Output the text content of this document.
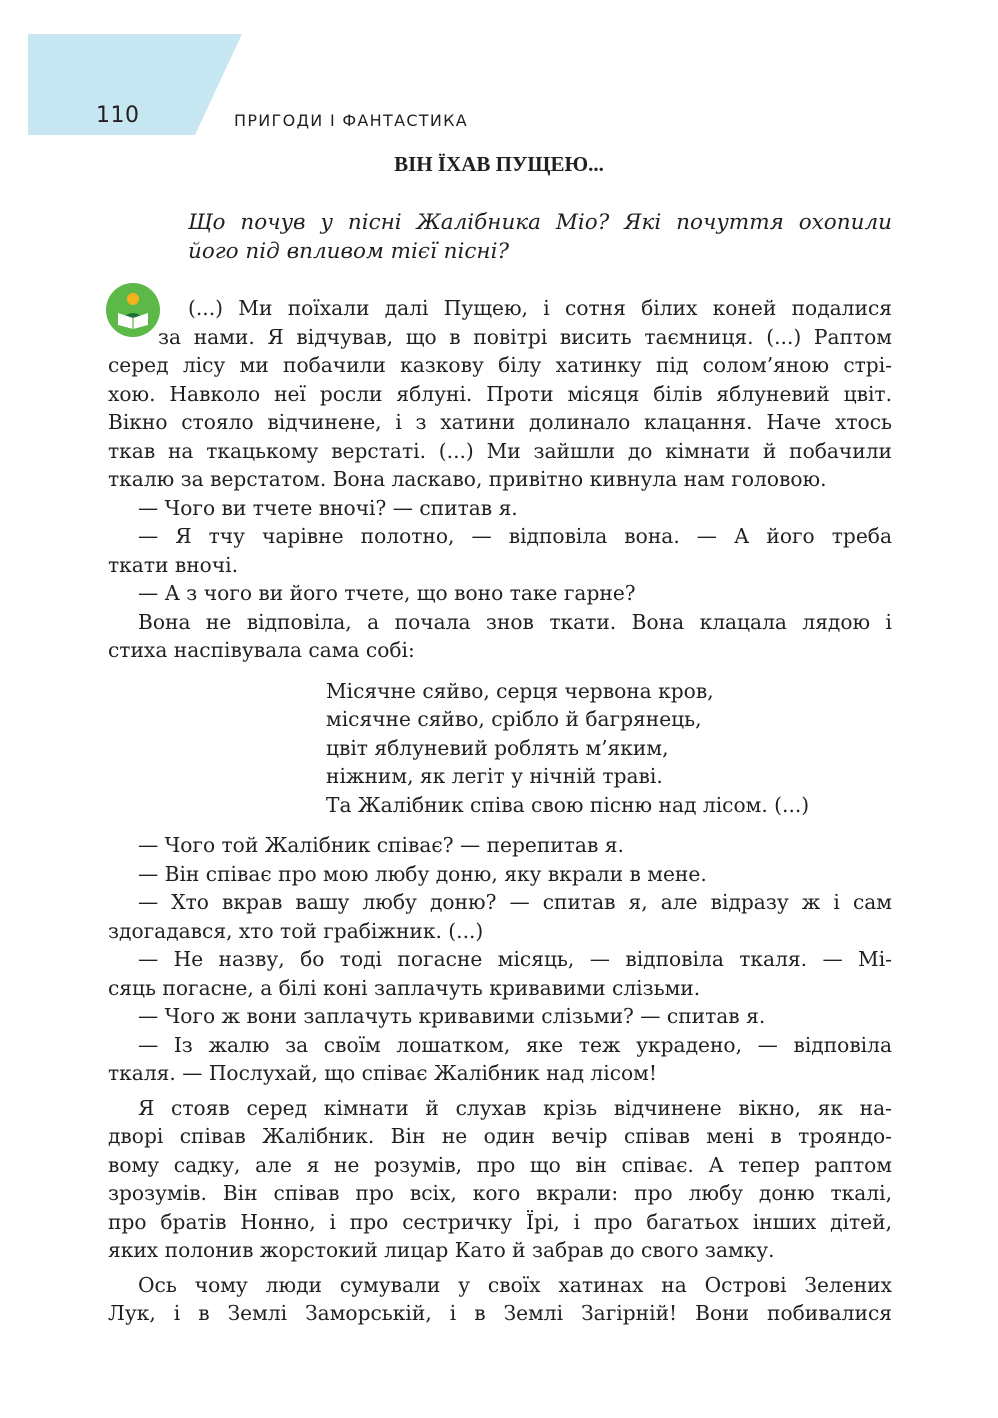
110	ПРИГОДИ І ФАНТАСТИКА
ВІН ЇХАВ ПУЩЕЮ...
Що почув у пісні Жалібника Міо? Які почуття охопили
його під впливом тієї пісні?
(...) Ми поїхали далі Пущею, і сотня білих коней подалися
за нами. Я відчував, що в повітрі висить таємниця. (...) Раптом
серед лісу ми побачили казкову білу хатинку під солом’яною стрі-
хою. Навколо неї росли яблуні. Проти місяця білів яблуневий цвіт.
Вікно стояло відчинене, і з хатини долинало клацання. Наче хтось
ткав на ткацькому верстаті. (...) Ми зайшли до кімнати й побачили
ткалю за верстатом. Вона ласкаво, привітно кивнула нам головою.
— Чого ви тчете вночі? — спитав я.
— Я тчу чарівне полотно, — відповіла вона. — А його треба
ткати вночі.
— А з чого ви його тчете, що воно таке гарне?
Вона не відповіла, а почала знов ткати. Вона клацала лядою і
стиха наспівувала сама собі:
Місячне сяйво, серця червона кров,
місячне сяйво, срібло й багрянець,
цвіт яблуневий роблять м’яким,
ніжним, як легіт у нічній траві.
Та Жалібник співа свою пісню над лісом. (...)
— Чого той Жалібник співає? — перепитав я.
— Він співає про мою любу доню, яку вкрали в мене.
— Хто вкрав вашу любу доню? — спитав я, але відразу ж і сам
здогадався, хто той грабіжник. (...)
— Не назву, бо тоді погасне місяць, — відповіла ткаля. — Мі-
сяць погасне, а білі коні заплачуть кривавими слізьми.
— Чого ж вони заплачуть кривавими слізьми? — спитав я.
— Із жалю за своїм лошатком, яке теж украдено, — відповіла
ткаля. — Послухай, що співає Жалібник над лісом!
Я стояв серед кімнати й слухав крізь відчинене вікно, як на-
дворі співав Жалібник. Він не один вечір співав мені в трояндо-
вому садку, але я не розумів, про що він співає. А тепер раптом
зрозумів. Він співав про всіх, кого вкрали: про любу доню ткалі,
про братів Нонно, і про сестричку Їрі, і про багатьох інших дітей,
яких полонив жорстокий лицар Като й забрав до свого замку.
Ось чому люди сумували у своїх хатинах на Острові Зелених
Лук, і в Землі Заморській, і в Землі Загірній! Вони побивалися
